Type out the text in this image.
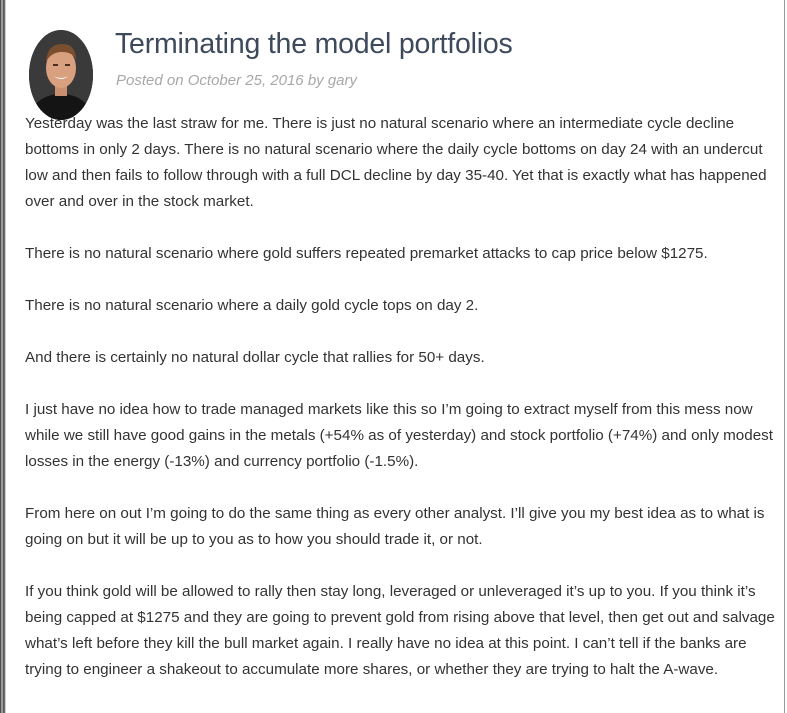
Terminating the model portfolios
Posted on October 25, 2016 by gary

Yesterday was the last straw for me. There is just no natural scenario where an intermediate cycle decline bottoms in only 2 days. There is no natural scenario where the daily cycle bottoms on day 24 with an undercut low and then fails to follow through with a full DCL decline by day 35-40. Yet that is exactly what has happened over and over in the stock market.

There is no natural scenario where gold suffers repeated premarket attacks to cap price below $1275.

There is no natural scenario where a daily gold cycle tops on day 2.

And there is certainly no natural dollar cycle that rallies for 50+ days.

I just have no idea how to trade managed markets like this so I’m going to extract myself from this mess now while we still have good gains in the metals (+54% as of yesterday) and stock portfolio (+74%) and only modest losses in the energy (-13%) and currency portfolio (-1.5%).

From here on out I’m going to do the same thing as every other analyst. I’ll give you my best idea as to what is going on but it will be up to you as to how you should trade it, or not.

If you think gold will be allowed to rally then stay long, leveraged or unleveraged it’s up to you. If you think it’s being capped at $1275 and they are going to prevent gold from rising above that level, then get out and salvage what’s left before they kill the bull market again. I really have no idea at this point. I can’t tell if the banks are trying to engineer a shakeout to accumulate more shares, or whether they are trying to halt the A-wave.
